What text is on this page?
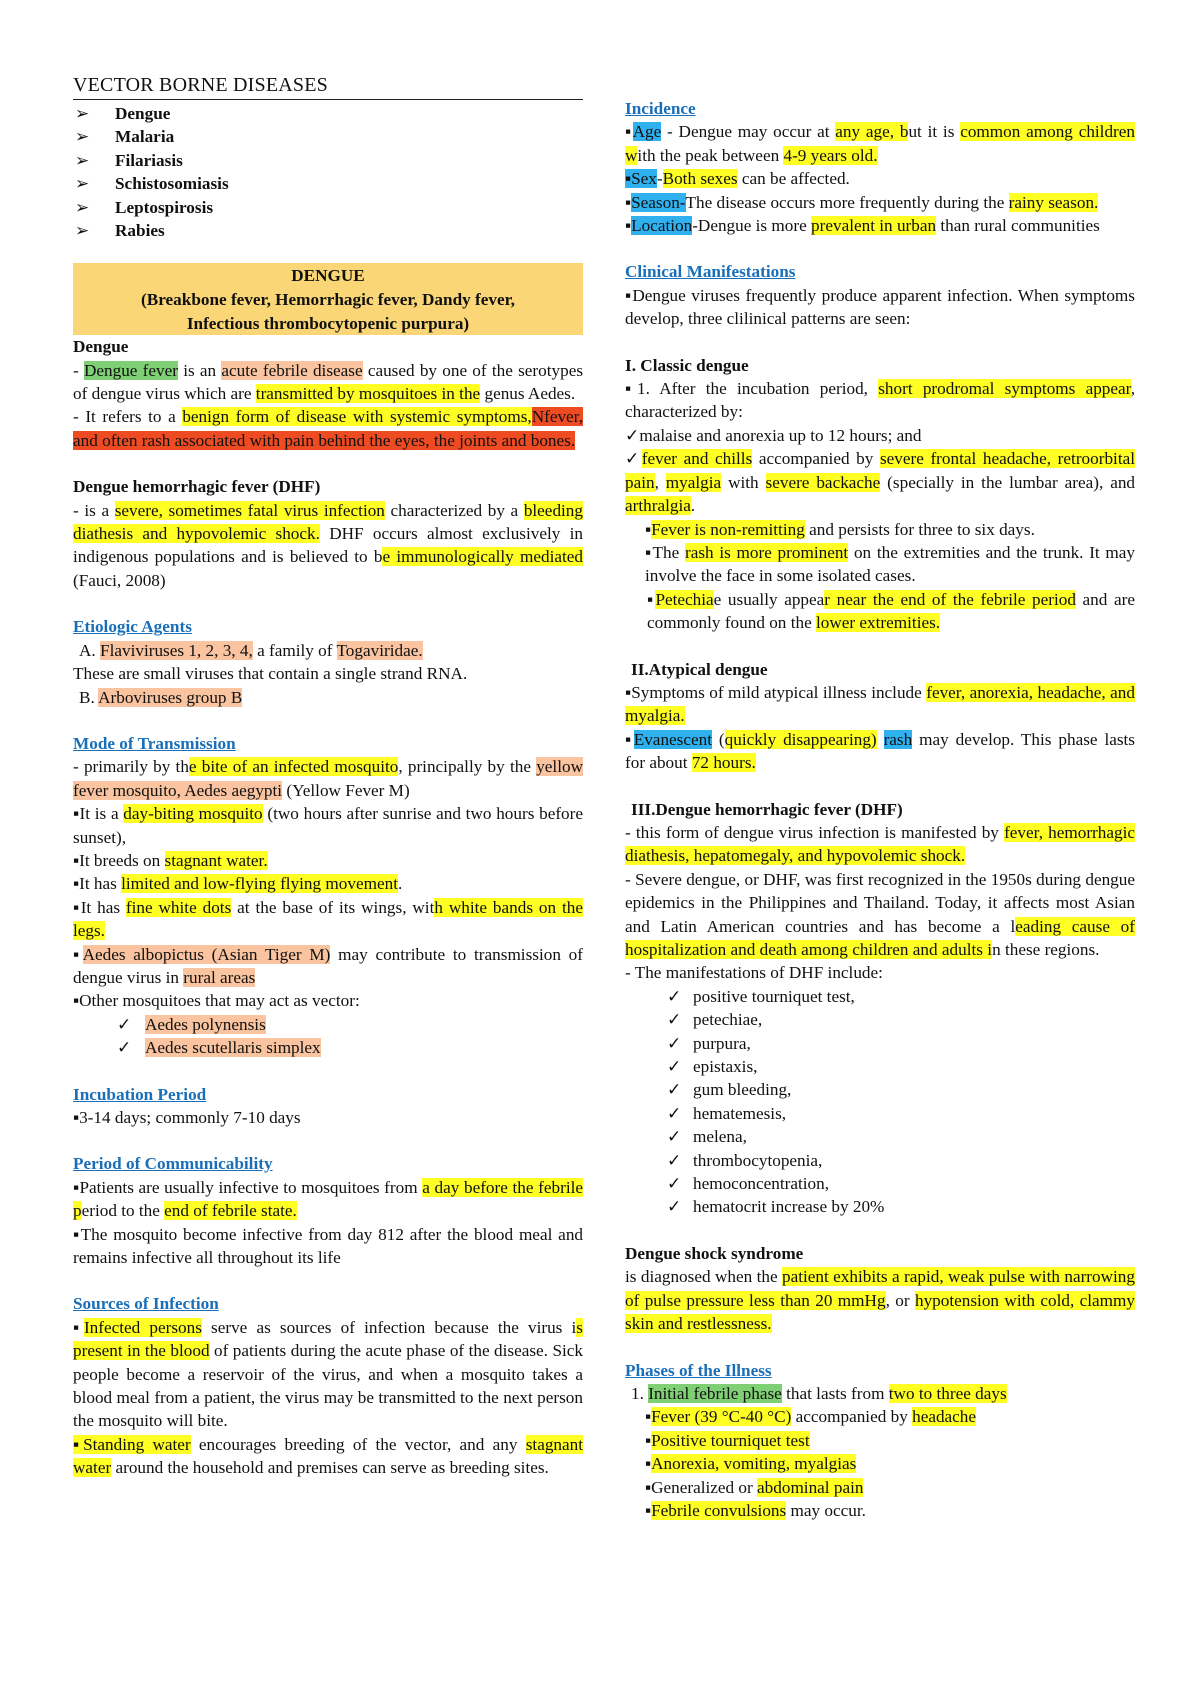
VECTOR BORNE DISEASES
➢ Dengue
➢ Malaria
➢ Filariasis
➢ Schistosomiasis
➢ Leptospirosis
➢ Rabies
DENGUE
(Breakbone fever, Hemorrhagic fever, Dandy fever,
Infectious thrombocytopenic purpura)
Dengue

- Dengue fever is an acute febrile disease caused by one of the serotypes of dengue virus which are transmitted by mosquitoes in the genus Aedes.

- It refers to a benign form of disease with systemic symptoms,Nfever, and often rash associated with pain behind the eyes, the joints and bones.

Dengue hemorrhagic fever (DHF)

- is a severe, sometimes fatal virus infection characterized by a bleeding diathesis and hypovolemic shock. DHF occurs almost exclusively in indigenous populations and is believed to be immunologically mediated (Fauci, 2008)

Etiologic Agents

A. Flaviviruses 1, 2, 3, 4, a family of Togaviridae.

These are small viruses that contain a single strand RNA.

B. Arboviruses group B

Mode of Transmission

- primarily by the bite of an infected mosquito, principally by the yellow fever mosquito, Aedes aegypti (Yellow Fever M)

▪It is a day-biting mosquito (two hours after sunrise and two hours before sunset),

▪It breeds on stagnant water.

▪It has limited and low-flying flying movement.

▪It has fine white dots at the base of its wings, with white bands on the legs.

▪Aedes albopictus (Asian Tiger M) may contribute to transmission of dengue virus in rural areas

▪Other mosquitoes that may act as vector:

✓ Aedes polynensis

✓ Aedes scutellaris simplex

Incubation Period

▪3-14 days; commonly 7-10 days

Period of Communicability

▪Patients are usually infective to mosquitoes from a day before the febrile period to the end of febrile state.

▪The mosquito become infective from day 812 after the blood meal and remains infective all throughout its life

Sources of Infection

▪Infected persons serve as sources of infection because the virus is present in the blood of patients during the acute phase of the disease. Sick people become a reservoir of the virus, and when a mosquito takes a blood meal from a patient, the virus may be transmitted to the next person the mosquito will bite.

▪Standing water encourages breeding of the vector, and any stagnant water around the household and premises can serve as breeding sites.

Incidence

▪Age - Dengue may occur at any age, but it is common among children with the peak between 4-9 years old.

▪Sex-Both sexes can be affected.

▪Season-The disease occurs more frequently during the rainy season.

▪Location-Dengue is more prevalent in urban than rural communities

Clinical Manifestations

▪Dengue viruses frequently produce apparent infection. When symptoms develop, three clilinical patterns are seen:

I. Classic dengue

▪1. After the incubation period, short prodromal symptoms appear, characterized by:

✓malaise and anorexia up to 12 hours; and

✓fever and chills accompanied by severe frontal headache, retroorbital pain, myalgia with severe backache (specially in the lumbar area), and arthralgia.

▪Fever is non-remitting and persists for three to six days.

▪The rash is more prominent on the extremities and the trunk. It may involve the face in some isolated cases.

▪Petechiae usually appear near the end of the febrile period and are commonly found on the lower extremities.

II.Atypical dengue

▪Symptoms of mild atypical illness include fever, anorexia, headache, and myalgia.

▪Evanescent (quickly disappearing) rash may develop. This phase lasts for about 72 hours.

III.Dengue hemorrhagic fever (DHF)

- this form of dengue virus infection is manifested by fever, hemorrhagic diathesis, hepatomegaly, and hypovolemic shock.

- Severe dengue, or DHF, was first recognized in the 1950s during dengue epidemics in the Philippines and Thailand. Today, it affects most Asian and Latin American countries and has become a leading cause of hospitalization and death among children and adults in these regions.

- The manifestations of DHF include:

✓ positive tourniquet test,

✓ petechiae,

✓ purpura,

✓ epistaxis,

✓ gum bleeding,

✓ hematemesis,

✓ melena,

✓ thrombocytopenia,

✓ hemoconcentration,

✓ hematocrit increase by 20%

Dengue shock syndrome

is diagnosed when the patient exhibits a rapid, weak pulse with narrowing of pulse pressure less than 20 mmHg, or hypotension with cold, clammy skin and restlessness.

Phases of the Illness

1. Initial febrile phase that lasts from two to three days

▪Fever (39 °C-40 °C) accompanied by headache

▪Positive tourniquet test

▪Anorexia, vomiting, myalgias

▪Generalized or abdominal pain

▪Febrile convulsions may occur.
